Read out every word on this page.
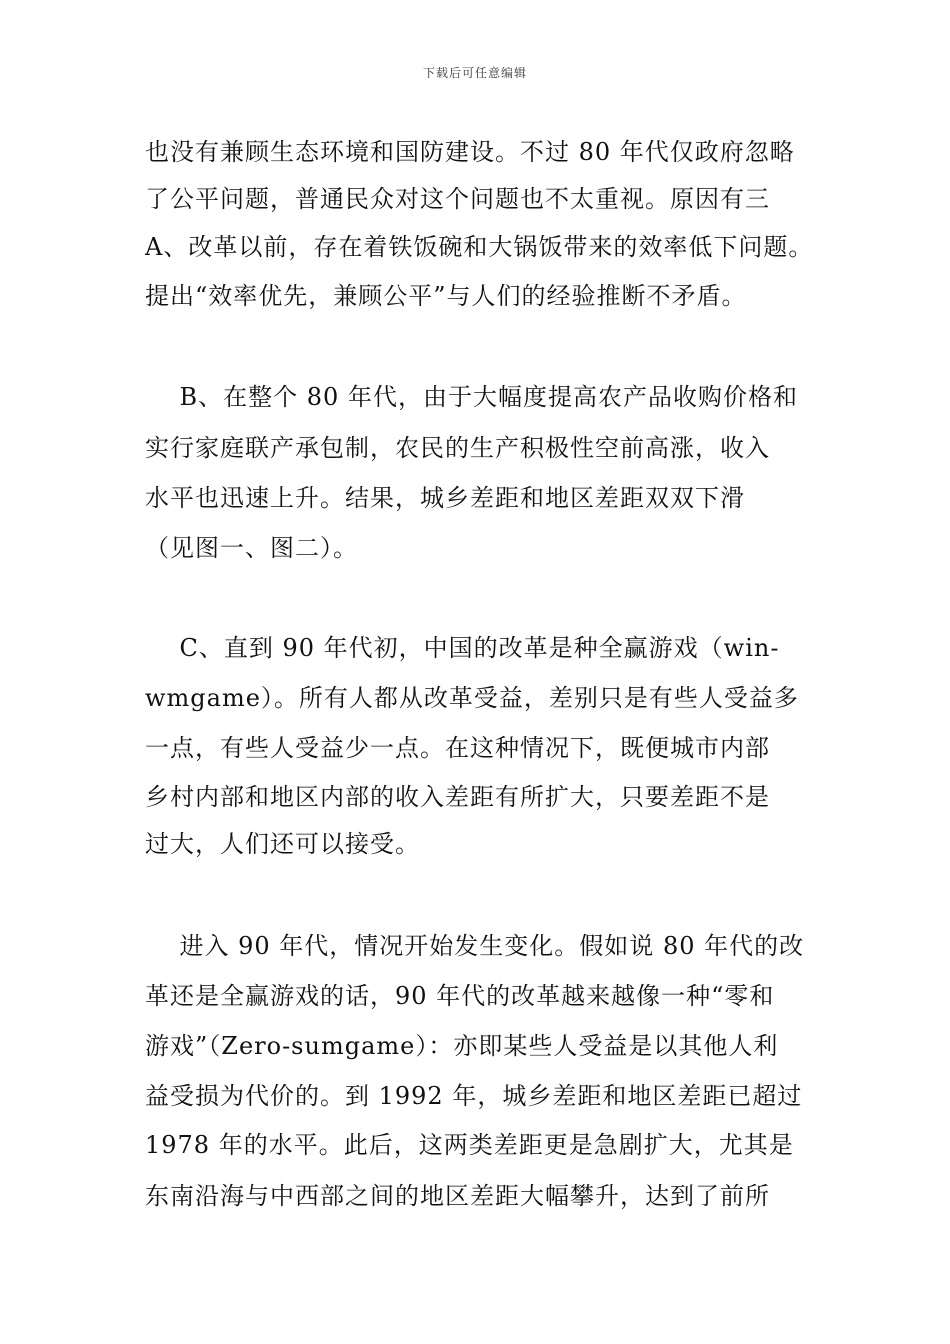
下载后可任意编辑
也没有兼顾生态环境和国防建设。不过 80 年代仅政府忽略
了公平问题，普通民众对这个问题也不太重视。原因有三
A、改革以前，存在着铁饭碗和大锅饭带来的效率低下问题。
提出“效率优先，兼顾公平”与人们的经验推断不矛盾。
B、在整个 80 年代，由于大幅度提高农产品收购价格和
实行家庭联产承包制，农民的生产积极性空前高涨，收入
水平也迅速上升。结果，城乡差距和地区差距双双下滑
（见图一、图二）。
C、直到 90 年代初，中国的改革是种全赢游戏（win-
wmgame）。所有人都从改革受益，差别只是有些人受益多
一点，有些人受益少一点。在这种情况下，既便城市内部
乡村内部和地区内部的收入差距有所扩大，只要差距不是
过大，人们还可以接受。
进入 90 年代，情况开始发生变化。假如说 80 年代的改
革还是全赢游戏的话，90 年代的改革越来越像一种“零和
游戏”（Zero-sumgame）：亦即某些人受益是以其他人利
益受损为代价的。到 1992 年，城乡差距和地区差距已超过
1978 年的水平。此后，这两类差距更是急剧扩大，尤其是
东南沿海与中西部之间的地区差距大幅攀升，达到了前所
